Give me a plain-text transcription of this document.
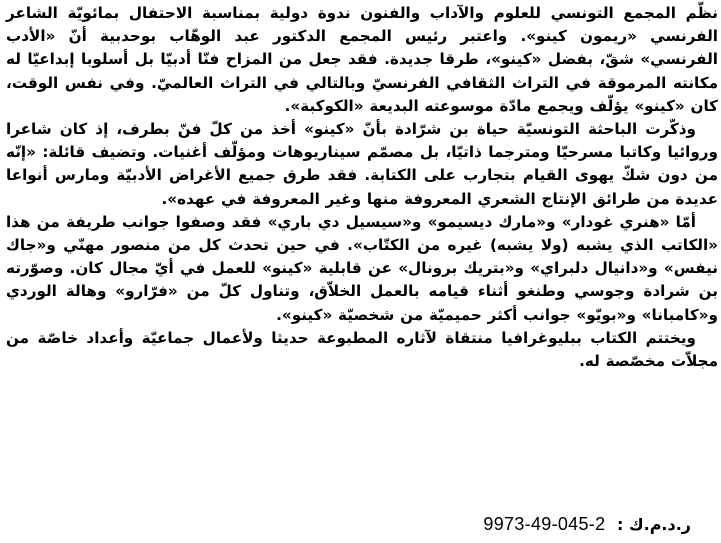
نظّم المجمع التونسي للعلوم والآداب والفنون ندوة دولية بمناسبة الاحتفال بمائويّة الشاعر الفرنسي «ريمون كينو». واعتبر رئيس المجمع الدكتور عبد الوهّاب بوحدبية أنّ «الأدب الفرنسي» شقّ، بفضل «كينو»، طرقا جديدة. فقد جعل من المزاح فنّا أدبيّا بل أسلوبا إبداعيّا له مكانته المرموقة في التراث الثقافي الفرنسيّ وبالتالي في التراث العالميّ. وفي نفس الوقت، كان «كينو» يؤلّف ويجمع مادّة موسوعته البديعة «الكوكبة».

وذكّرت الباحثة التونسيّة حياة بن شرّادة بأنّ «كينو» أخذ من كلّ فنّ بطرف، إذ كان شاعرا وروائيا وكاتبا مسرحيّا ومترجما ذاتيّا، بل مصمّم سيناريوهات ومؤلّف أغنيات. وتضيف قائلة: «إنّه من دون شكّ يهوى القيام بتجارب على الكتابة. فقد طرق جميع الأغراض الأدبيّة ومارس أنواعا عديدة من طرائق الإنتاج الشعري المعروفة منها وغير المعروفة في عهده».

أمّا «هنري غودار» و«مارك ديسيمو» و«سيسيل دي باري» فقد وصفوا جوانب طريفة من هذا «الكاتب الذي يشبه (ولا يشبه) غيره من الكتّاب». في حين تحدث كل من منصور مهنّي و«جاك نيفس» و«دانيال دلبراي» و«بتريك برونال» عن قابلية «كينو» للعمل في أيّ مجال كان. وصوّرته بن شرادة وجوسي وطنغو أثناء قيامه بالعمل الخلاّق، وتناول كلّ من «فرّارو» وهالة الوردي و«كامبانا» و«بويّو» جوانب أكثر حميميّة من شخصيّة «كينو».

ويختتم الكتاب ببليوغرافيا منتقاة لآثاره المطبوعة حديثا ولأعمال جماعيّة وأعداد خاصّة من مجلاّت مخصّصة له.

ر.د.م.ك : 9973-49-045-2
